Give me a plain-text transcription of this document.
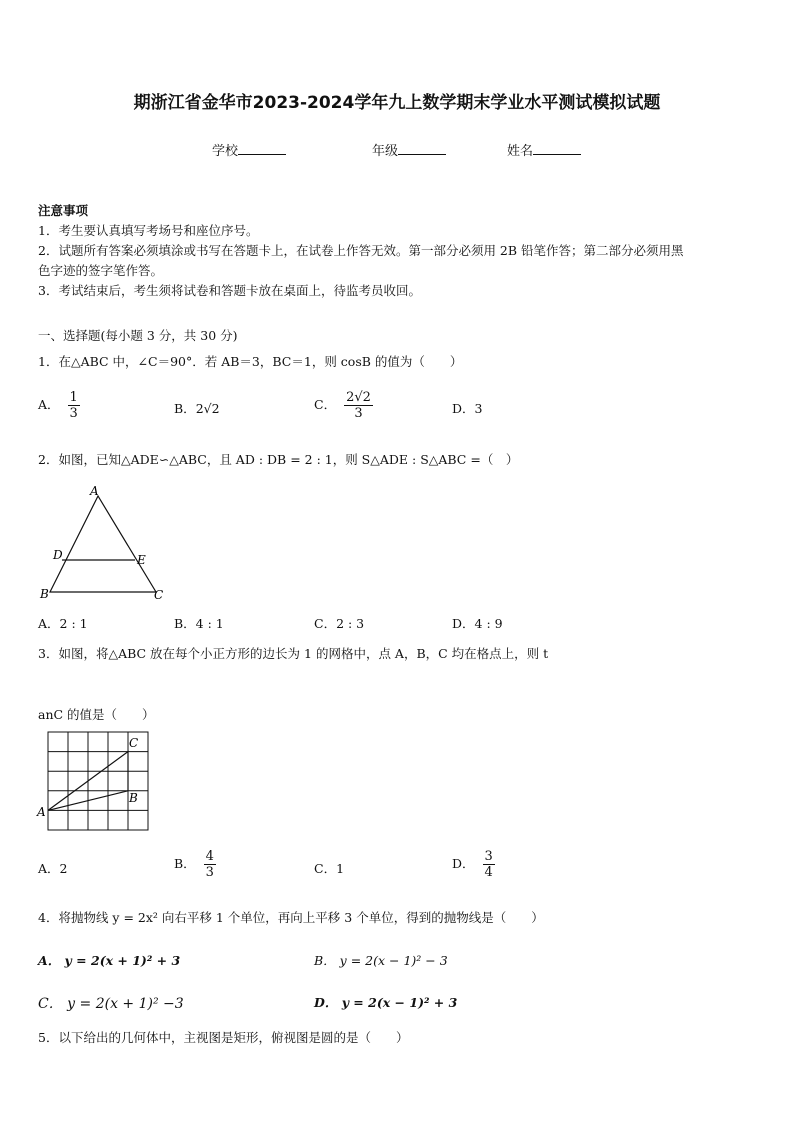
期浙江省金华市2023-2024学年九上数学期末学业水平测试模拟试题
学校	年级	姓名
注意事项
1．考生要认真填写考场号和座位序号。
2．试题所有答案必须填涂或书写在答题卡上，在试卷上作答无效。第一部分必须用 2B 铅笔作答；第二部分必须用黑
色字迹的签字笔作答。
3．考试结束后，考生须将试卷和答题卡放在桌面上，待监考员收回。
一、选择题(每小题 3 分，共 30 分)
1．在△ABC 中，∠C＝90°．若 AB＝3，BC＝1，则 cosB 的值为（　　）
A． $\frac{1}{3}$	B．2√2	C． $\frac{2√2}{3}$	D．3
2．如图，已知△ADE∽△ABC，且 AD : DB = 2 : 1，则 S△ADE : S△ABC =（　）
A
D	E
B	C
A．2 : 1	B．4 : 1	C．2 : 3	D．4 : 9
3．如图，将△ABC 放在每个小正方形的边长为 1 的网格中，点 A，B，C 均在格点上，则 t
anC 的值是（　　）
A
B
C
A．2	B． $\frac{4}{3}$	C．1	D． $\frac{3}{4}$
4．将抛物线 y = 2x² 向右平移 1 个单位，再向上平移 3 个单位，得到的抛物线是（　　）
A． y = 2(x + 1)² + 3	B． y = 2(x − 1)² − 3
C． y = 2(x + 1)² −3	D． y = 2(x − 1)² + 3
5．以下给出的几何体中，主视图是矩形，俯视图是圆的是（　　）
